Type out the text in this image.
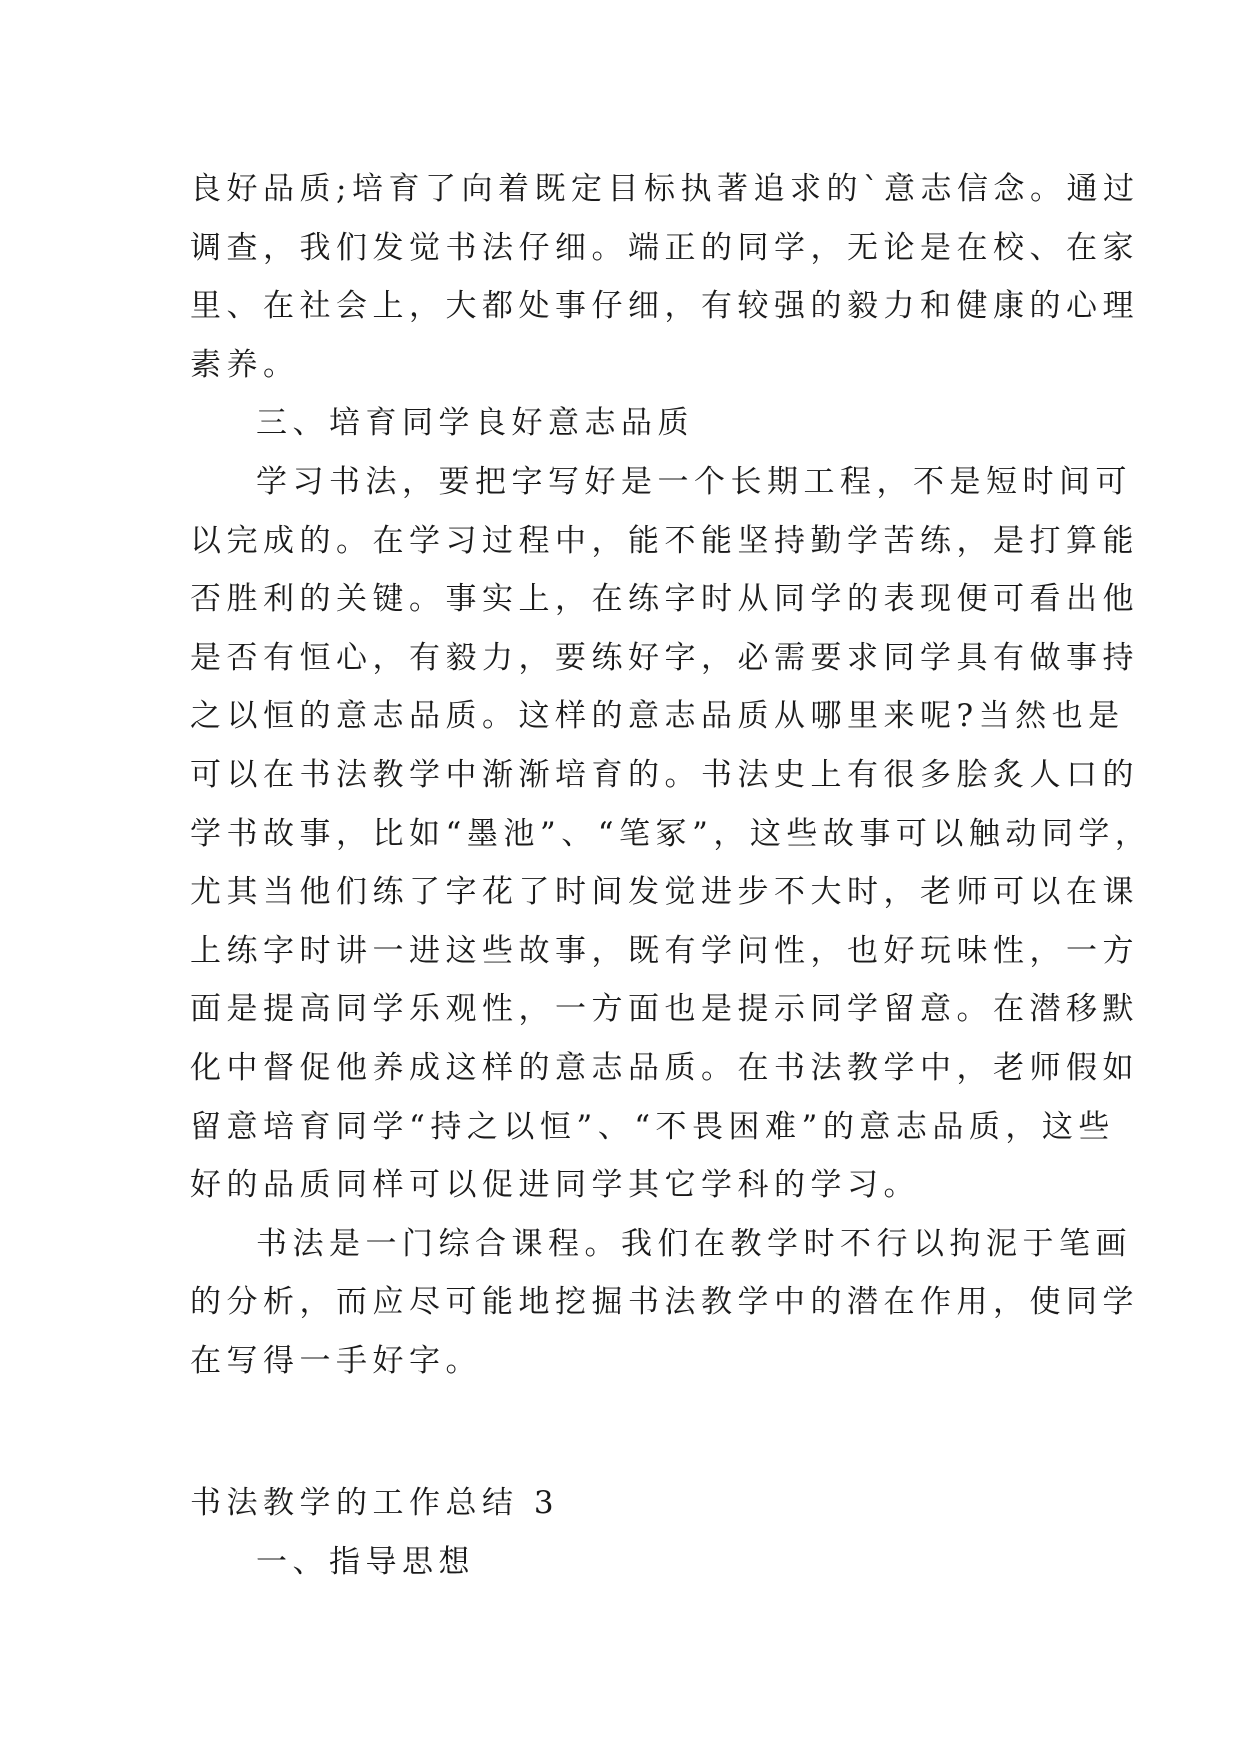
良好品质;培育了向着既定目标执著追求的`意志信念。通过
调查，我们发觉书法仔细。端正的同学，无论是在校、在家
里、在社会上，大都处事仔细，有较强的毅力和健康的心理
素养。
三、培育同学良好意志品质
学习书法，要把字写好是一个长期工程，不是短时间可
以完成的。在学习过程中，能不能坚持勤学苦练，是打算能
否胜利的关键。事实上，在练字时从同学的表现便可看出他
是否有恒心，有毅力，要练好字，必需要求同学具有做事持
之以恒的意志品质。这样的意志品质从哪里来呢?当然也是
可以在书法教学中渐渐培育的。书法史上有很多脍炙人口的
学书故事，比如“墨池”、“笔冢”，这些故事可以触动同学，
尤其当他们练了字花了时间发觉进步不大时，老师可以在课
上练字时讲一进这些故事，既有学问性，也好玩味性，一方
面是提高同学乐观性，一方面也是提示同学留意。在潜移默
化中督促他养成这样的意志品质。在书法教学中，老师假如
留意培育同学“持之以恒”、“不畏困难”的意志品质，这些
好的品质同样可以促进同学其它学科的学习。
书法是一门综合课程。我们在教学时不行以拘泥于笔画
的分析，而应尽可能地挖掘书法教学中的潜在作用，使同学
在写得一手好字。
书法教学的工作总结 3
一、指导思想
